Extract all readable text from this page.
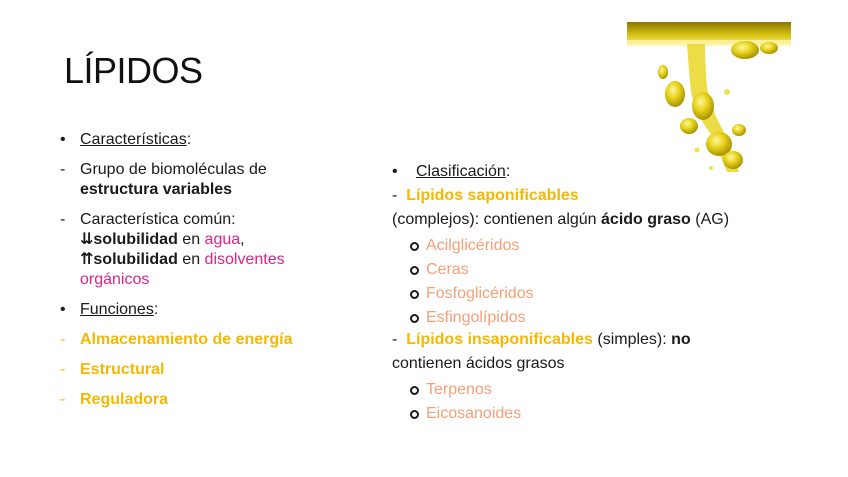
LÍPIDOS
• Características:
- Grupo de biomoléculas de
estructura variables
- Característica común:
⇊solubilidad en agua,
⇈solubilidad en disolventes
orgánicos
• Funciones:
- Almacenamiento de energía
- Estructural
- Reguladora
•	Clasificación:
- Lípidos saponificables
(complejos): contienen algún ácido graso (AG)
Acilglicéridos
Ceras
Fosfoglicéridos
Esfingolípidos
- Lípidos insaponificables (simples): no
contienen ácidos grasos
Terpenos
Eicosanoides
